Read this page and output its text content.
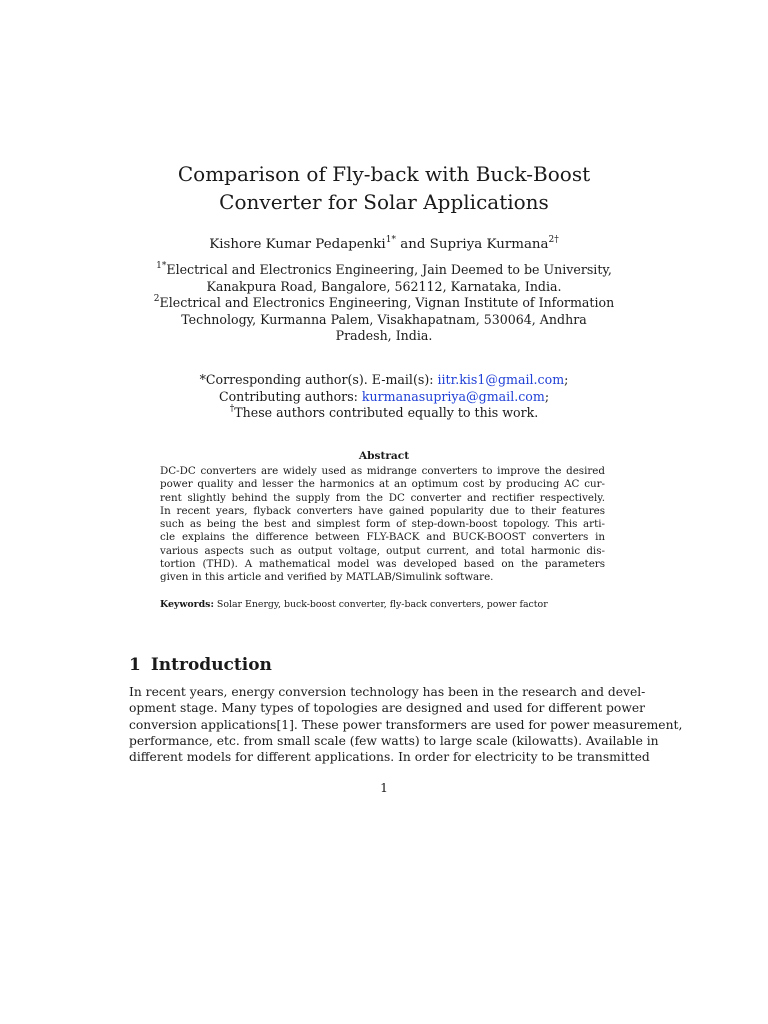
Comparison of Fly-back with Buck-Boost
Converter for Solar Applications
Kishore Kumar Pedapenki$^{1*}$ and Supriya Kurmana$^{2\dagger}$
$^{1*}$Electrical and Electronics Engineering, Jain Deemed to be University,
Kanakpura Road, Bangalore, 562112, Karnataka, India.
$^2$Electrical and Electronics Engineering, Vignan Institute of Information
Technology, Kurmanna Palem, Visakhapatnam, 530064, Andhra
Pradesh, India.
*Corresponding author(s). E-mail(s): iitr.kis1@gmail.com;
Contributing authors: kurmanasupriya@gmail.com;
†These authors contributed equally to this work.
Abstract
DC-DC converters are widely used as midrange converters to improve the desired
power quality and lesser the harmonics at an optimum cost by producing AC cur-
rent slightly behind the supply from the DC converter and rectifier respectively.
In recent years, flyback converters have gained popularity due to their features
such as being the best and simplest form of step-down-boost topology. This arti-
cle explains the difference between FLY-BACK and BUCK-BOOST converters in
various aspects such as output voltage, output current, and total harmonic dis-
tortion (THD). A mathematical model was developed based on the parameters
given in this article and verified by MATLAB/Simulink software.
Keywords: Solar Energy, buck-boost converter, fly-back converters, power factor
1 Introduction
In recent years, energy conversion technology has been in the research and devel-
opment stage. Many types of topologies are designed and used for different power
conversion applications[1]. These power transformers are used for power measurement,
performance, etc. from small scale (few watts) to large scale (kilowatts). Available in
different models for different applications. In order for electricity to be transmitted
1
